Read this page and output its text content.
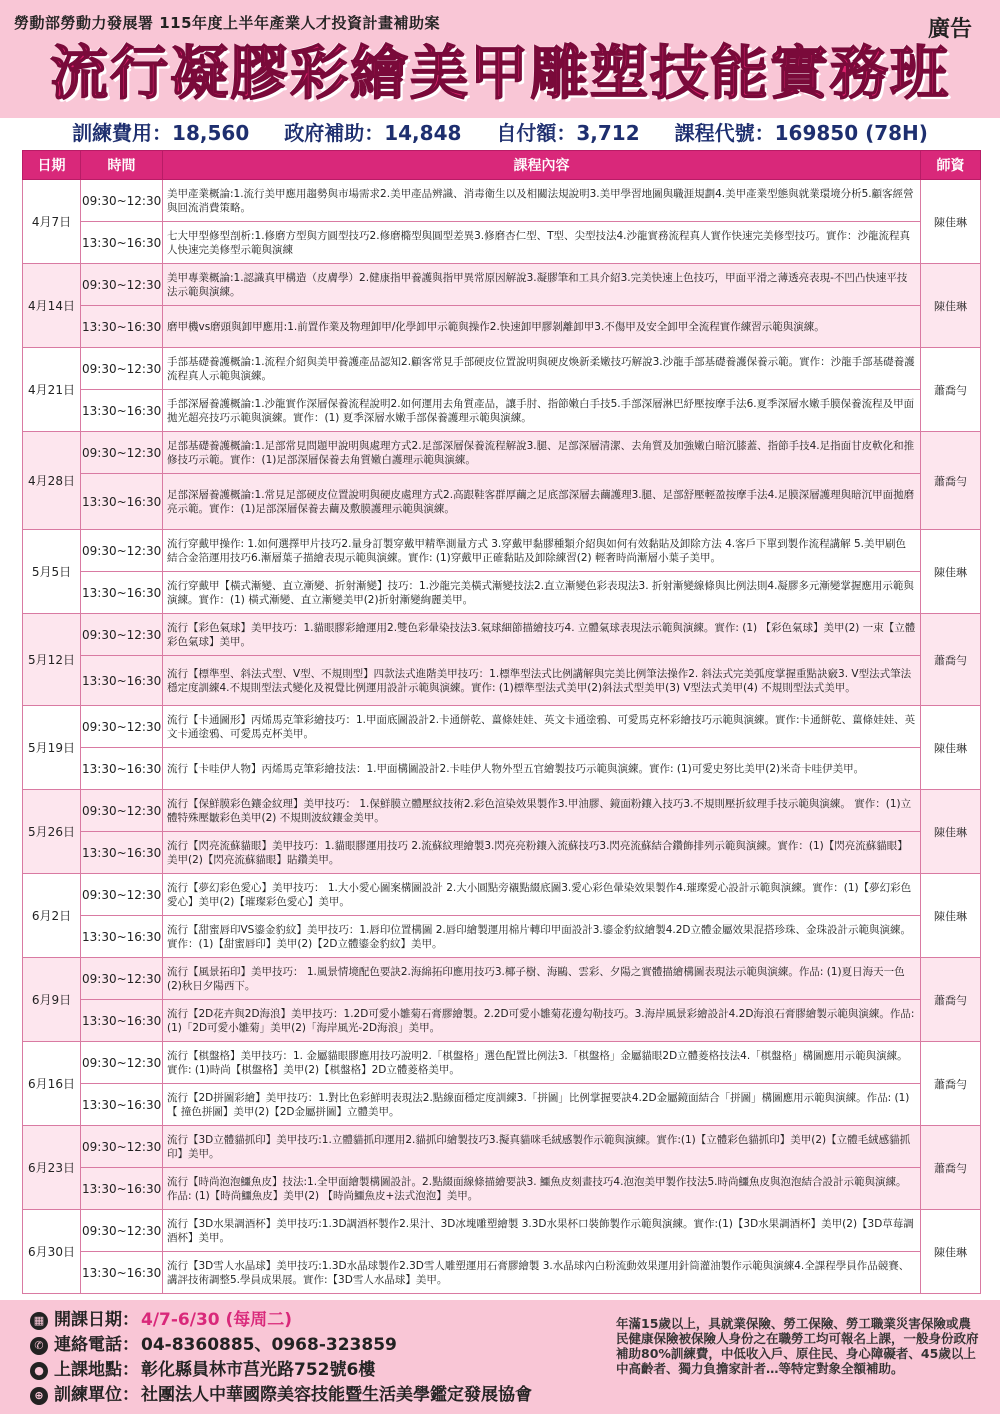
勞動部勞動力發展署 115年度上半年產業人才投資計畫補助案	廣告
流行凝膠彩繪美甲雕塑技能實務班
訓練費用：18,560 政府補助：14,848 自付額：3,712 課程代號：169850 (78H)
日期	時間	課程內容	師資
4月7日	09:30~12:30	美甲產業概論:1.流行美甲應用趨勢與市場需求2.美甲產品辨識、消毒衛生以及相關法規說明3.美甲學習地圖與職涯規劃4.美甲產業型態與就業環境分析5.顧客經營與回流消費策略。	陳佳琳
	13:30~16:30	七大甲型修型剖析:1.修磨方型與方圓型技巧2.修磨橢型與圓型差異3.修磨杏仁型、T型、尖型技法4.沙龍實務流程真人實作快速完美修型技巧。實作：沙龍流程真人快速完美修型示範與演練	
4月14日	09:30~12:30	美甲專業概論:1.認識真甲構造（皮膚學）2.健康指甲養護與指甲異常原因解說3.凝膠筆和工具介紹3.完美快速上色技巧，甲面平滑之薄透亮表現-不凹凸快速平技法示範與演練。	陳佳琳
	13:30~16:30	磨甲機vs磨頭與卸甲應用:1.前置作業及物理卸甲/化學卸甲示範與操作2.快速卸甲膠剝離卸甲3.不傷甲及安全卸甲全流程實作練習示範與演練。	
4月21日	09:30~12:30	手部基礎養護概論:1.流程介紹與美甲養護產品認知2.顧客常見手部硬皮位置說明與硬皮煥新柔嫩技巧解說3.沙龍手部基礎養護保養示範。實作：沙龍手部基礎養護流程真人示範與演練。	蕭喬勻
	13:30~16:30	手部深層養護概論:1.沙龍實作深層保養流程說明2.如何運用去角質產品，讓手肘、指節嫩白手技5.手部深層淋巴紓壓按摩手法6.夏季深層水嫩手膜保養流程及甲面拋光超亮技巧示範與演練。實作：(1) 夏季深層水嫩手部保養護理示範與演練。	
4月28日	09:30~12:30	足部基礎養護概論:1.足部常見問題甲說明與處理方式2.足部深層保養流程解說3.腿、足部深層清潔、去角質及加強嫩白暗沉膝蓋、指節手技4.足指面甘皮軟化和推修技巧示範。實作：(1)足部深層保養去角質嫩白護理示範與演練。	蕭喬勻
	13:30~16:30	足部深層養護概論:1.常見足部硬皮位置說明與硬皮處理方式2.高跟鞋客群厚繭之足底部深層去繭護理3.腿、足部舒壓輕盈按摩手法4.足膜深層護理與暗沉甲面拋磨亮示範。實作：(1)足部深層保養去繭及敷膜護理示範與演練。	
5月5日	09:30~12:30	流行穿戴甲操作: 1.如何選擇甲片技巧2.量身訂製穿戴甲精準測量方式 3.穿戴甲黏膠種類介紹與如何有效黏貼及卸除方法 4.客戶下單到製作流程講解 5.美甲刷色結合金箔運用技巧6.漸層葉子描繪表現示範與演練。實作: (1)穿戴甲正確黏貼及卸除練習(2) 輕奢時尚漸層小葉子美甲。	陳佳琳
	13:30~16:30	流行穿戴甲【橫式漸變、直立漸變、折射漸變】技巧：1.沙龍完美橫式漸變技法2.直立漸變色彩表現法3. 折射漸變線條與比例法則4.凝膠多元漸變掌握應用示範與演練。實作：(1) 橫式漸變、直立漸變美甲(2)折射漸變絢麗美甲。	
5月12日	09:30~12:30	流行【彩色氣球】美甲技巧：1.貓眼膠彩繪運用2.雙色彩暈染技法3.氣球細節描繪技巧4. 立體氣球表現法示範與演練。實作: (1) 【彩色氣球】美甲(2) 一束【立體彩色氣球】美甲。	蕭喬勻
	13:30~16:30	流行【標準型、斜法式型、V型、不規則型】四款法式進階美甲技巧：1.標準型法式比例講解與完美比例筆法操作2. 斜法式完美弧度掌握重點訣竅3. V型法式筆法穩定度訓練4.不規則型法式變化及視覺比例運用設計示範與演練。實作: (1)標準型法式美甲(2)斜法式型美甲(3) V型法式美甲(4) 不規則型法式美甲。	
5月19日	09:30~12:30	流行【卡通圖形】丙烯馬克筆彩繪技巧：1.甲面底圖設計2.卡通餅乾、薑條娃娃、英文卡通塗鴉、可愛馬克杯彩繪技巧示範與演練。實作:卡通餅乾、薑條娃娃、英文卡通塗鴉、可愛馬克杯美甲。	陳佳琳
	13:30~16:30	流行【卡哇伊人物】丙烯馬克筆彩繪技法：1.甲面構圖設計2.卡哇伊人物外型五官繪製技巧示範與演練。實作: (1)可愛史努比美甲(2)米奇卡哇伊美甲。	
5月26日	09:30~12:30	流行【保鮮膜彩色鑲金紋理】美甲技巧： 1.保鮮膜立體壓紋技術2.彩色渲染效果製作3.甲油膠、鏡面粉鑲入技巧3.不規則壓折紋理手技示範與演練。 實作：(1)立體特殊壓皺彩色美甲(2) 不規則波紋鑲金美甲。	陳佳琳
	13:30~16:30	流行【閃亮流蘇貓眼】美甲技巧：1.貓眼膠運用技巧 2.流蘇紋理繪製3.閃亮亮粉鑲入流蘇技巧3.閃亮流蘇結合鑽飾排列示範與演練。實作：(1)【閃亮流蘇貓眼】美甲(2)【閃亮流蘇貓眼】貼鑽美甲。	
6月2日	09:30~12:30	流行【夢幻彩色愛心】美甲技巧： 1.大小愛心圖案構圖設計 2.大小圓點旁襯點綴底圖3.愛心彩色暈染效果製作4.璀璨愛心設計示範與演練。實作：(1)【夢幻彩色愛心】美甲(2)【璀璨彩色愛心】美甲。	陳佳琳
	13:30~16:30	流行【甜蜜唇印VS鎏金豹紋】美甲技巧：1.唇印位置構圖 2.唇印繪製運用棉片轉印甲面設計3.鎏金豹紋繪製4.2D立體金屬效果混搭珍珠、金珠設計示範與演練。實作：(1)【甜蜜唇印】美甲(2)【2D立體鎏金豹紋】美甲。	
6月9日	09:30~12:30	流行【風景拓印】美甲技巧： 1.風景情境配色要訣2.海綿拓印應用技巧3.椰子樹、海鷗、雲彩、夕陽之實體描繪構圖表現法示範與演練。作品: (1)夏日海天一色(2)秋日夕陽西下。	蕭喬勻
	13:30~16:30	流行【2D花卉與2D海浪】美甲技巧：1.2D可愛小雛菊石膏膠繪製。2.2D可愛小雛菊花邊勾勒技巧。3.海岸風景彩繪設計4.2D海浪石膏膠繪製示範與演練。作品:(1)「2D可愛小雛菊」美甲(2)「海岸風光-2D海浪」美甲。	
6月16日	09:30~12:30	流行【棋盤格】美甲技巧：1. 金屬貓眼膠應用技巧說明2.「棋盤格」選色配置比例法3.「棋盤格」金屬貓眼2D立體菱格技法4.「棋盤格」構圖應用示範與演練。實作: (1)時尚【棋盤格】美甲(2)【棋盤格】2D立體菱格美甲。	蕭喬勻
	13:30~16:30	流行【2D拼圖彩繪】美甲技巧：1.對比色彩鮮明表現法2.點線面穩定度訓練3.「拼圖」比例掌握要訣4.2D金屬鏡面結合「拼圖」構圖應用示範與演練。作品: (1)【 撞色拼圖】美甲(2)【2D金屬拼圖】立體美甲。	
6月23日	09:30~12:30	流行【3D立體貓抓印】美甲技巧:1.立體貓抓印運用2.貓抓印繪製技巧3.擬真貓咪毛絨感製作示範與演練。實作:(1)【立體彩色貓抓印】美甲(2)【立體毛絨感貓抓印】美甲。	蕭喬勻
	13:30~16:30	流行【時尚泡泡鱷魚皮】技法:1.全甲面繪製構圖設計。2.點綴面線條描繪要訣3. 鱷魚皮刻畫技巧4.泡泡美甲製作技法5.時尚鱷魚皮與泡泡結合設計示範與演練。作品: (1)【時尚鱷魚皮】美甲(2) 【時尚鱷魚皮+法式泡泡】美甲。	
6月30日	09:30~12:30	流行【3D水果調酒杯】美甲技巧:1.3D調酒杯製作2.果汁、3D冰塊雕塑繪製 3.3D水果杯口裝飾製作示範與演練。實作:(1)【3D水果調酒杯】美甲(2)【3D草莓調酒杯】美甲。	陳佳琳
	13:30~16:30	流行【3D雪人水晶球】美甲技巧:1.3D水晶球製作2.3D雪人雕塑運用石膏膠繪製 3.水晶球內白粉流動效果運用針筒灌油製作示範與演練4.全課程學員作品競賽、講評技術調整5.學員成果展。實作:【3D雪人水晶球】美甲。	
▦ 開課日期： 4/7-6/30 (每周二)
✆ 連絡電話： 04-8360885、0968-323859
● 上課地點： 彰化縣員林市莒光路752號6樓
⊕ 訓練單位： 社團法人中華國際美容技能暨生活美學鑑定發展協會
年滿15歲以上，具就業保險、勞工保險、勞工職業災害保險或農民健康保險被保險人身份之在職勞工均可報名上課，一般身份政府補助80%訓練費，中低收入戶、原住民、身心障礙者、45歲以上中高齡者、獨力負擔家計者…等特定對象全額補助。
